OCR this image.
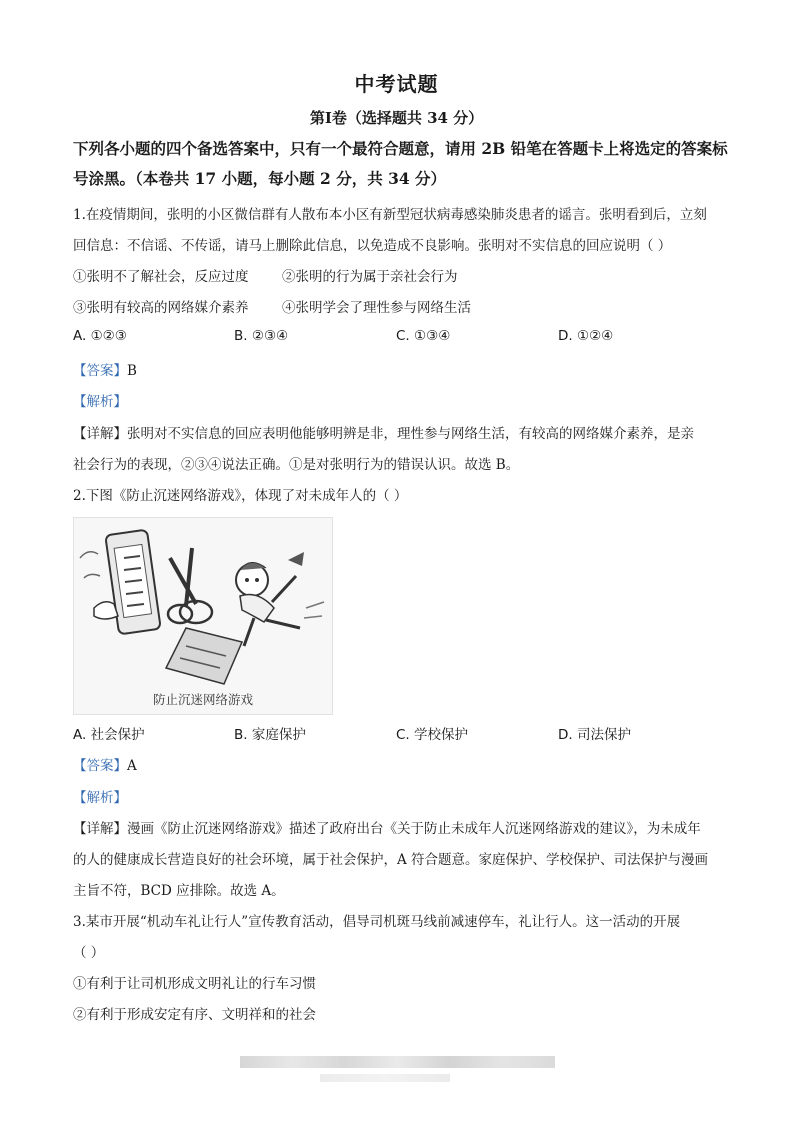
中考试题
第Ⅰ卷（选择题共 34 分）
下列各小题的四个备选答案中，只有一个最符合题意，请用 2B 铅笔在答题卡上将选定的答案标号涂黑。（本卷共 17 小题，每小题 2 分，共 34 分）
1.在疫情期间，张明的小区微信群有人散布本小区有新型冠状病毒感染肺炎患者的谣言。张明看到后，立刻
回信息：不信谣、不传谣，请马上删除此信息，以免造成不良影响。张明对不实信息的回应说明（ ）
①张明不了解社会，反应过度 ②张明的行为属于亲社会行为
③张明有较高的网络媒介素养 ④张明学会了理性参与网络生活
A. ①②③	B. ②③④	C. ①③④	D. ①②④
【答案】B
【解析】
【详解】张明对不实信息的回应表明他能够明辨是非，理性参与网络生活，有较高的网络媒介素养，是亲
社会行为的表现，②③④说法正确。①是对张明行为的错误认识。故选 B。
2.下图《防止沉迷网络游戏》，体现了对未成年人的（ ）
防止沉迷网络游戏
A. 社会保护	B. 家庭保护	C. 学校保护	D. 司法保护
【答案】A
【解析】
【详解】漫画《防止沉迷网络游戏》描述了政府出台《关于防止未成年人沉迷网络游戏的建议》，为未成年
的人的健康成长营造良好的社会环境，属于社会保护，A 符合题意。家庭保护、学校保护、司法保护与漫画
主旨不符，BCD 应排除。故选 A。
3.某市开展“机动车礼让行人”宣传教育活动，倡导司机斑马线前减速停车，礼让行人。这一活动的开展
（ ）
①有利于让司机形成文明礼让的行车习惯
②有利于形成安定有序、文明祥和的社会
